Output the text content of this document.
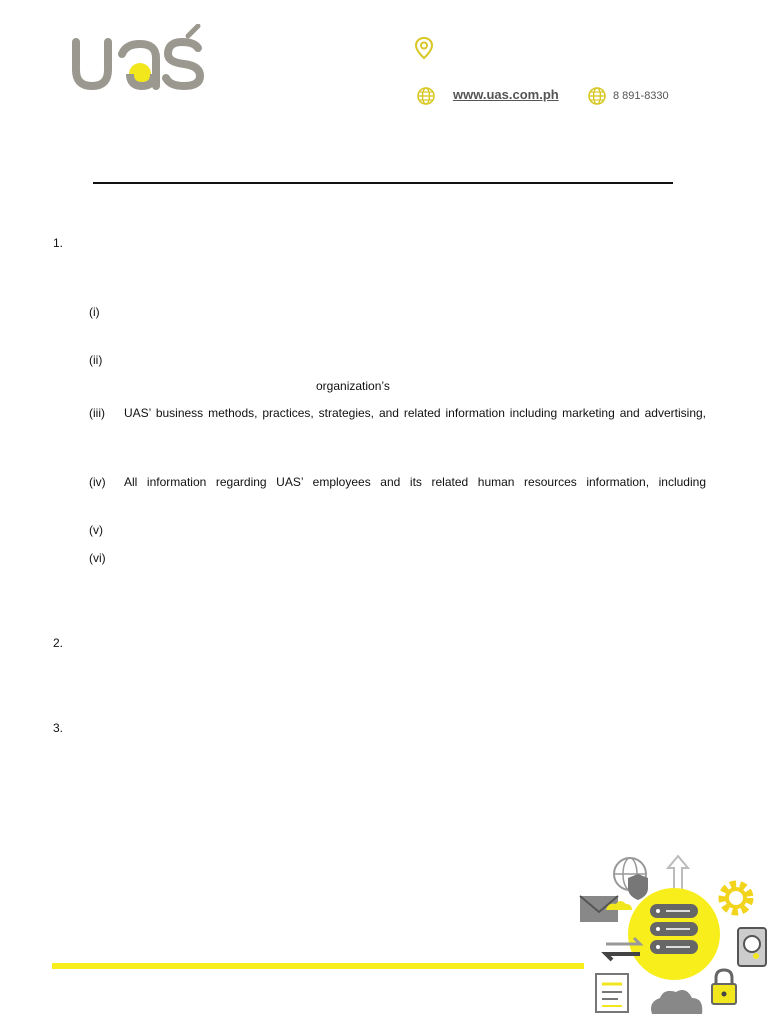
www.uas.com.ph	8 891-8330
1.
2.
3.
(i)
(ii)
organization’s
(iii) UAS’ business methods, practices, strategies, and related information including marketing and advertising,
(iv) All information regarding UAS’ employees and its related human resources information, including
(v)
(vi)
